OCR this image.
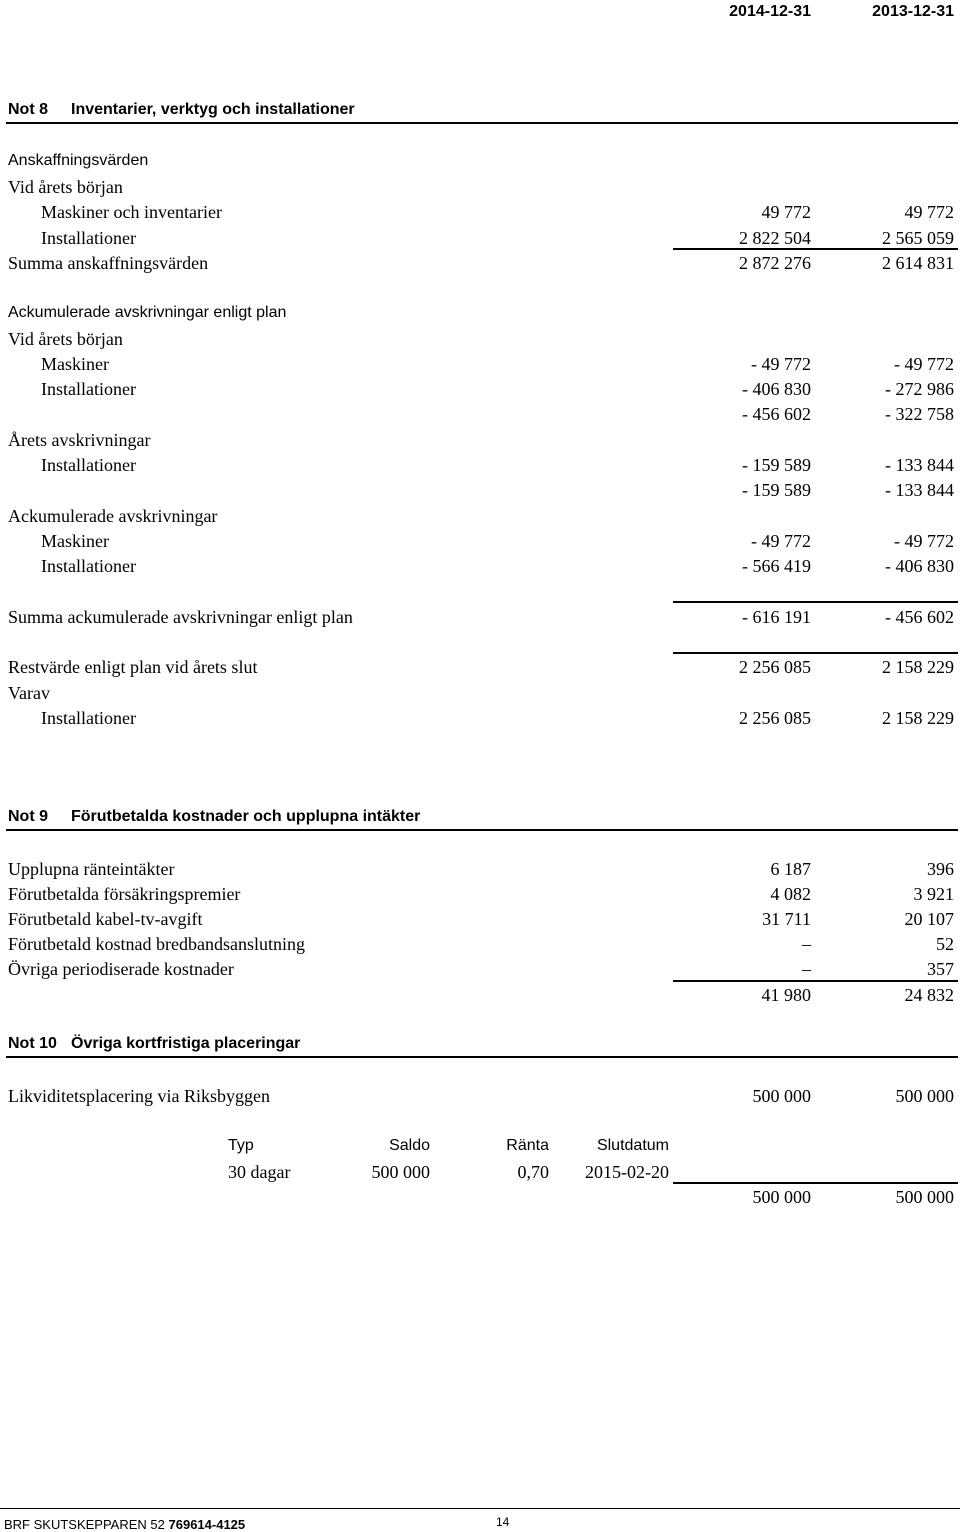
2014-12-31	2013-12-31
Not 8 Inventarier, verktyg och installationer
Anskaffningsvärden
Vid årets början
Maskiner och inventarier	49 772	49 772
Installationer	2 822 504	2 565 059
Summa anskaffningsvärden	2 872 276	2 614 831
Ackumulerade avskrivningar enligt plan
Vid årets början
Maskiner	- 49 772	- 49 772
Installationer	- 406 830	- 272 986
- 456 602	- 322 758
Årets avskrivningar
Installationer	- 159 589	- 133 844
- 159 589	- 133 844
Ackumulerade avskrivningar
Maskiner	- 49 772	- 49 772
Installationer	- 566 419	- 406 830
Summa ackumulerade avskrivningar enligt plan	- 616 191	- 456 602
Restvärde enligt plan vid årets slut	2 256 085	2 158 229
Varav
Installationer	2 256 085	2 158 229
Not 9 Förutbetalda kostnader och upplupna intäkter
Upplupna ränteintäkter	6 187	396
Förutbetalda försäkringspremier	4 082	3 921
Förutbetald kabel-tv-avgift	31 711	20 107
Förutbetald kostnad bredbandsanslutning	–	52
Övriga periodiserade kostnader	–	357
41 980	24 832
Not 10 Övriga kortfristiga placeringar
Likviditetsplacering via Riksbyggen	500 000	500 000
Typ	Saldo	Ränta	Slutdatum
30 dagar	500 000	0,70 2015-02-20
500 000	500 000
BRF SKUTSKEPPAREN 52 769614-4125	14
